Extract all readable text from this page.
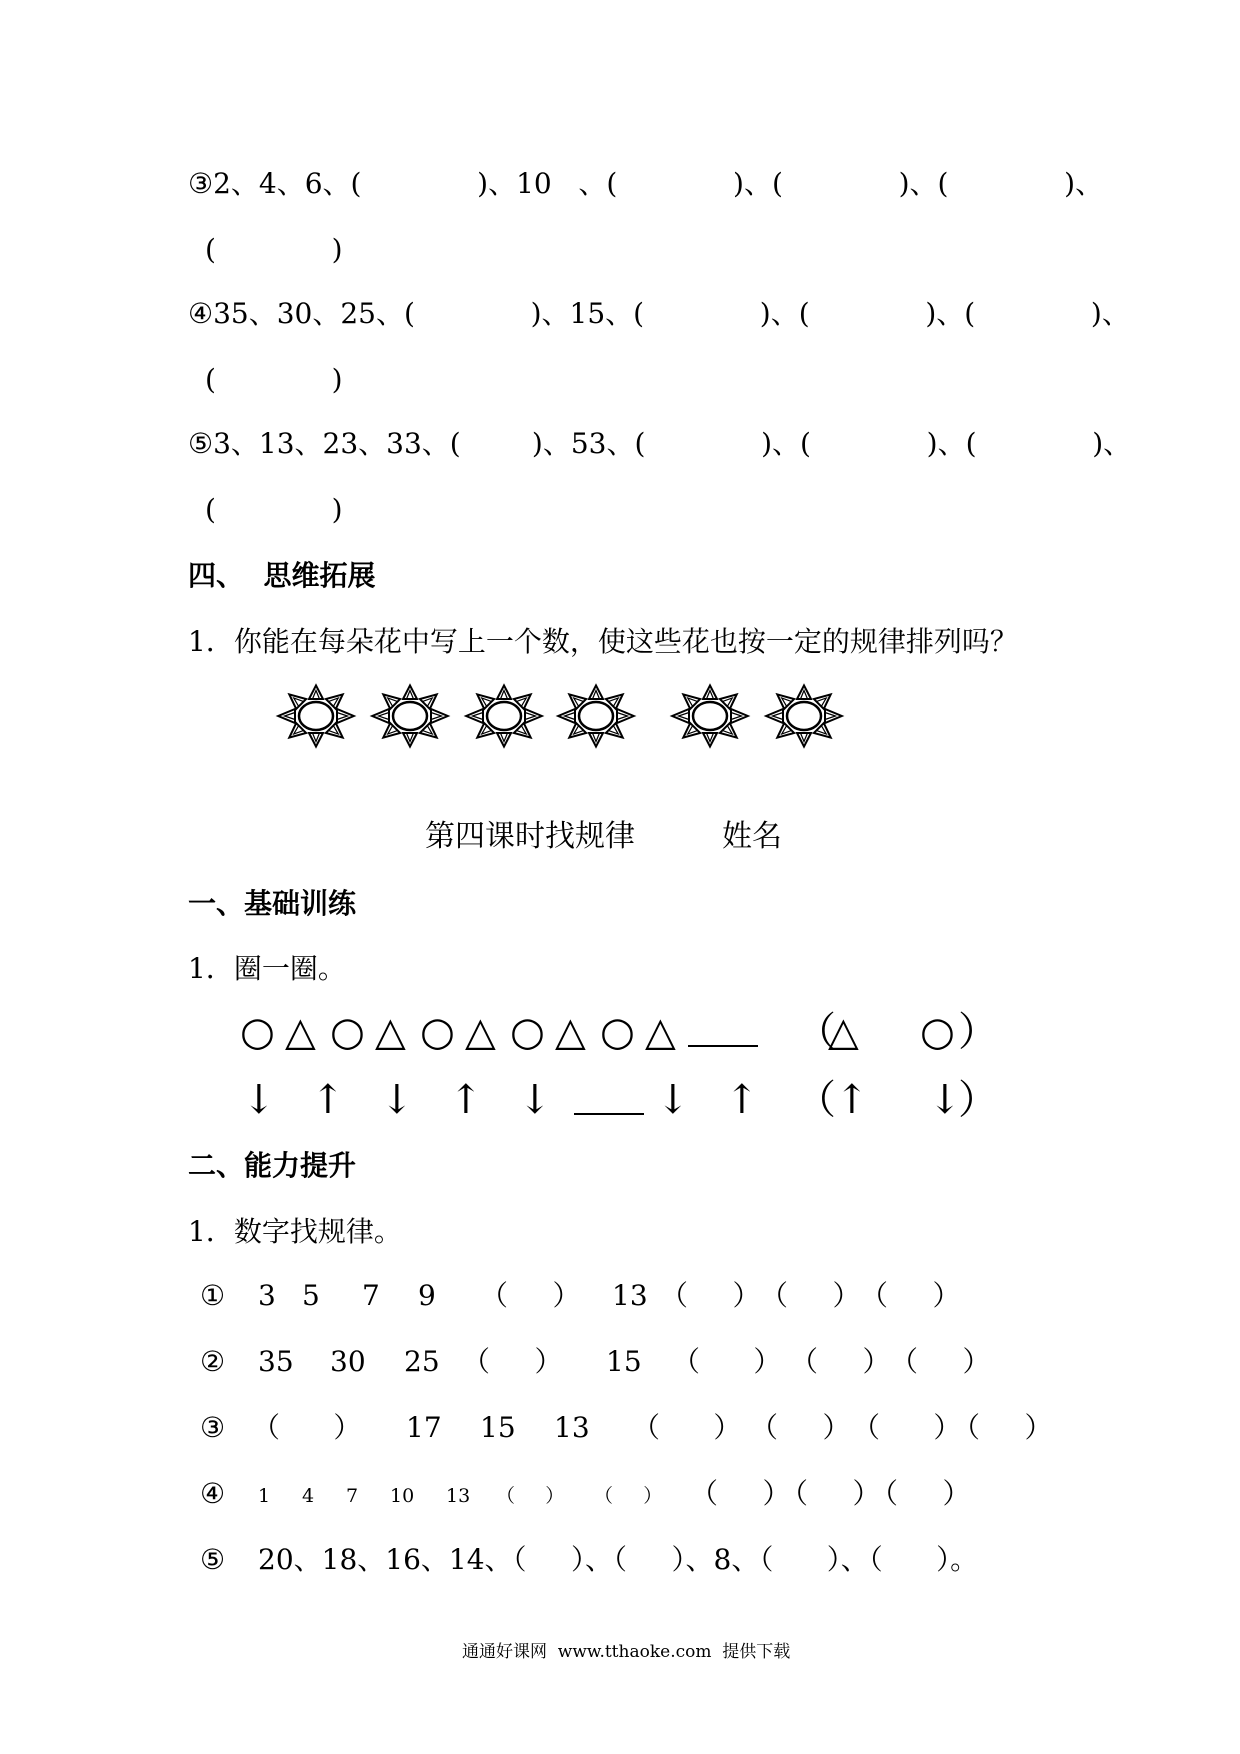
③2、4、6、(             )、10   、(             )、(             )、(             )、
(             )
④35、30、25、(             )、15、(             )、(             )、(             )、
(             )
⑤3、13、23、33、(        )、53、(             )、(             )、(             )、
(             )
四、  思维拓展
1．你能在每朵花中写上一个数，使这些花也按一定的规律排列吗？
第四课时找规律	姓名
一、基础训练
1．圈一圈。
○ △ ○ △ ○ △ ○ △ ○ △	（
△ ○ ）
↓ ↑ ↓ ↑ ↓	↓ ↑ （ ↑ ↓
）
二、能力提升
1．数字找规律。
① 3 5 7 9 （     ） 13 （     ） （     ） （     ）
② 35 30 25 （     ） 15 （      ） （     ） （     ）
③ （      ） 17 15 13 （      ） （     ） （      ）
（     ）
④ 1 4 7 10 13 （     ） （     ） （     ）
（     ）
（     ）
⑤ 20、18、16、14、（     ）、（     ）、8、（      ）、（      ）。
通通好课网  www.tthaoke.com  提供下载
